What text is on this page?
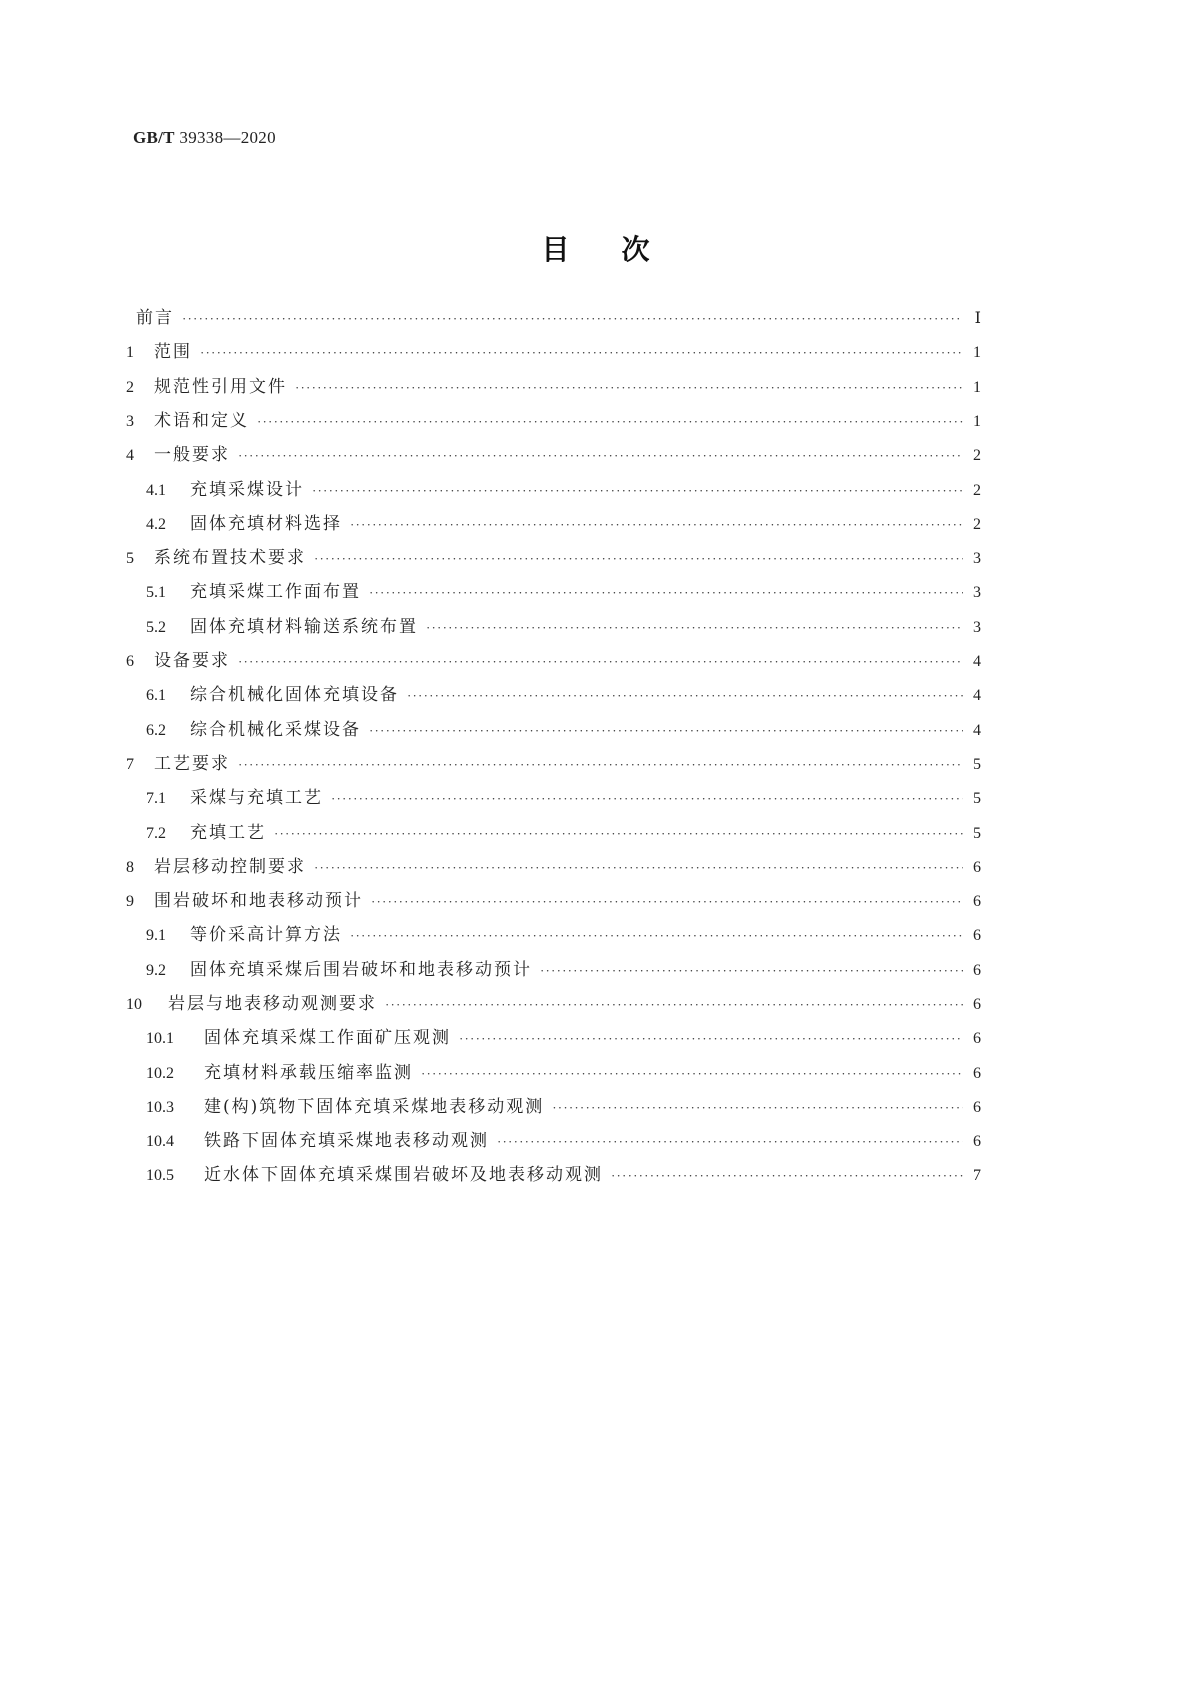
GB/T 39338—2020
目次
前言 ·····	Ⅰ
1	范围 ·····	1
2	规范性引用文件 ·····	1
3	术语和定义 ·····	1
4	一般要求 ·····	2
4.1	充填采煤设计 ·····	2
4.2	固体充填材料选择 ·····	2
5	系统布置技术要求 ·····	3
5.1	充填采煤工作面布置 ·····	3
5.2	固体充填材料输送系统布置 ·····	3
6	设备要求 ·····	4
6.1	综合机械化固体充填设备 ·····	4
6.2	综合机械化采煤设备 ·····	4
7	工艺要求 ·····	5
7.1	采煤与充填工艺 ·····	5
7.2	充填工艺 ·····	5
8	岩层移动控制要求 ·····	6
9	围岩破坏和地表移动预计 ·····	6
9.1	等价采高计算方法 ·····	6
9.2	固体充填采煤后围岩破坏和地表移动预计 ·····	6
10	岩层与地表移动观测要求 ·····	6
10.1	固体充填采煤工作面矿压观测 ·····	6
10.2	充填材料承载压缩率监测 ·····	6
10.3	建(构)筑物下固体充填采煤地表移动观测 ·····	6
10.4	铁路下固体充填采煤地表移动观测 ·····	6
10.5	近水体下固体充填采煤围岩破坏及地表移动观测 ·····	7
